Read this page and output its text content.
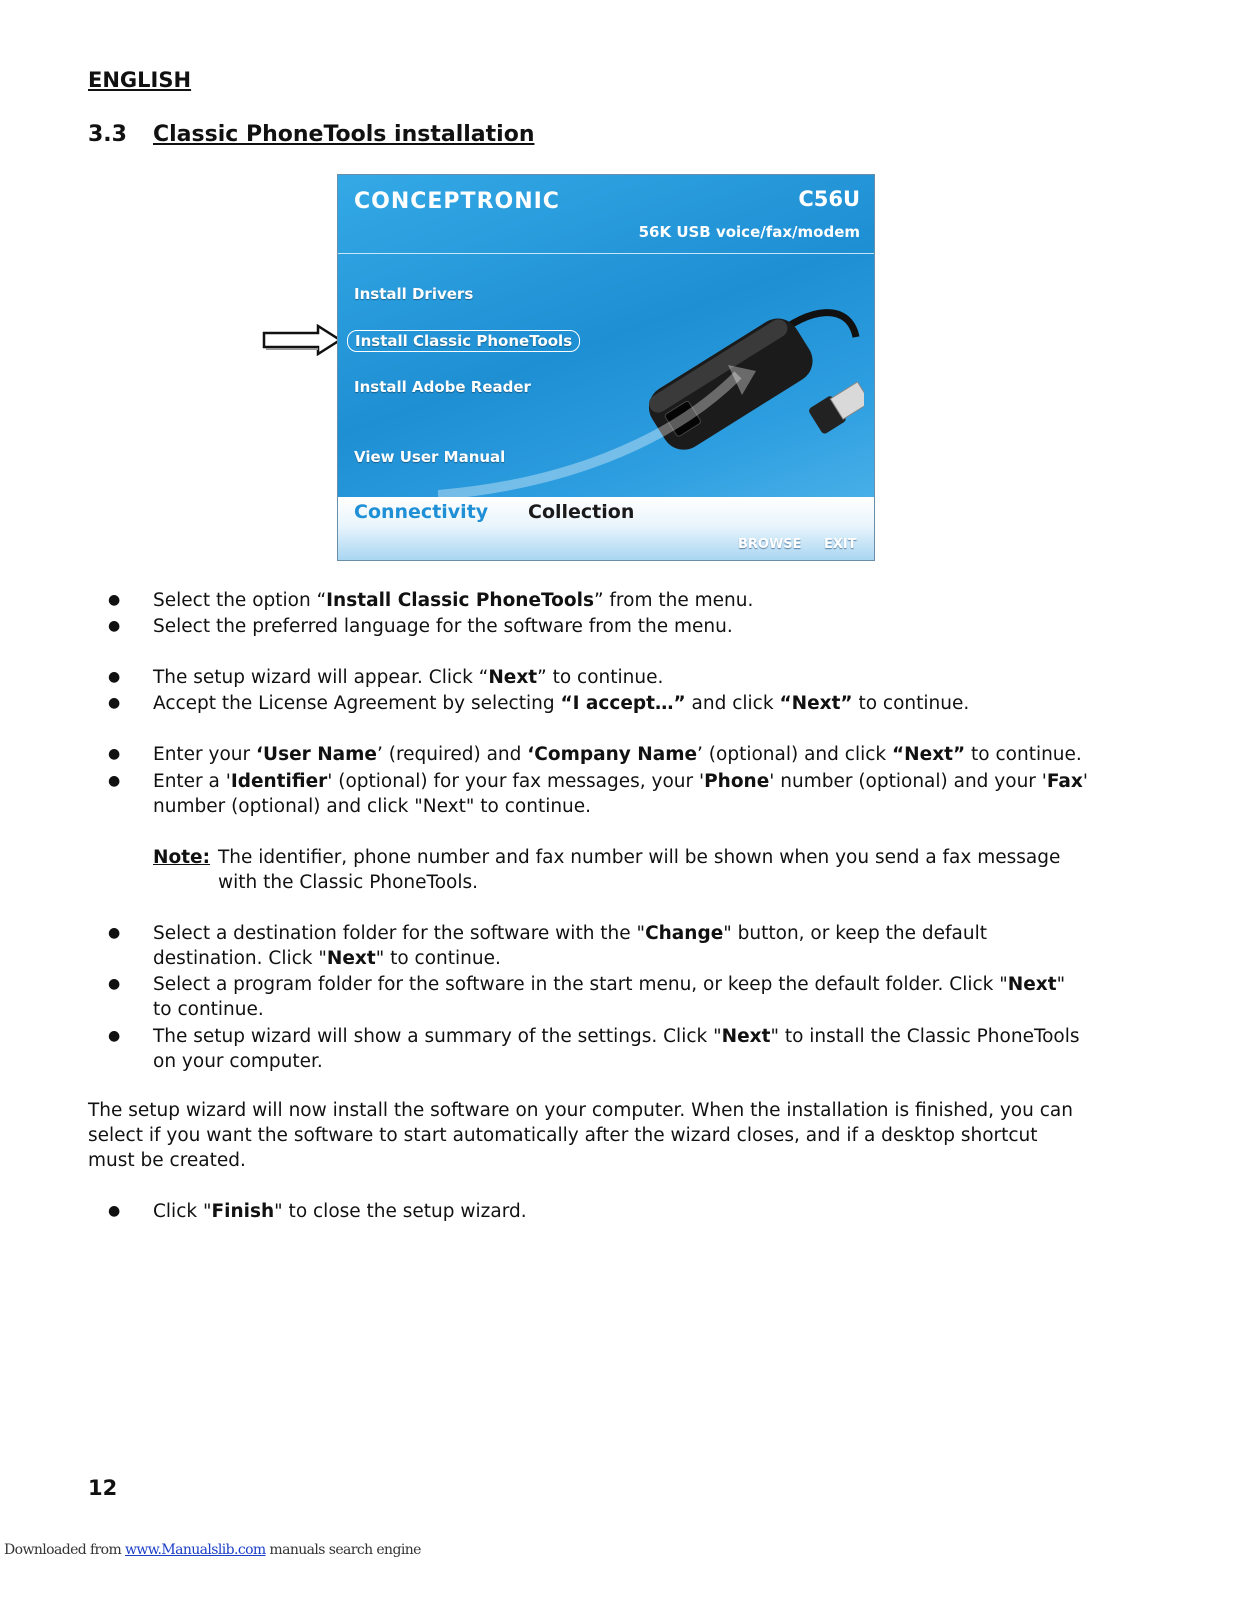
ENGLISH
3.3 Classic PhoneTools installation
CONCEPTRONIC	C56U
56K USB voice/fax/modem
Install Drivers
Install Classic PhoneTools
Install Adobe Reader
View User Manual
Connectivity Collection
BROWSE EXIT
● Select the option “Install Classic PhoneTools” from the menu.
● Select the preferred language for the software from the menu.
● The setup wizard will appear. Click “Next” to continue.
● Accept the License Agreement by selecting “I accept…” and click “Next” to continue.
● Enter your ‘User Name’ (required) and ‘Company Name’ (optional) and click “Next” to continue.
● Enter a 'Identifier' (optional) for your fax messages, your 'Phone' number (optional) and your 'Fax'
number (optional) and click "Next" to continue.
Note: The identifier, phone number and fax number will be shown when you send a fax message
with the Classic PhoneTools.
● Select a destination folder for the software with the "Change" button, or keep the default
destination. Click "Next" to continue.
● Select a program folder for the software in the start menu, or keep the default folder. Click "Next"
to continue.
● The setup wizard will show a summary of the settings. Click "Next" to install the Classic PhoneTools
on your computer.
The setup wizard will now install the software on your computer. When the installation is finished, you can
select if you want the software to start automatically after the wizard closes, and if a desktop shortcut
must be created.
● Click "Finish" to close the setup wizard.
12
Downloaded from www.Manualslib.com manuals search engine
